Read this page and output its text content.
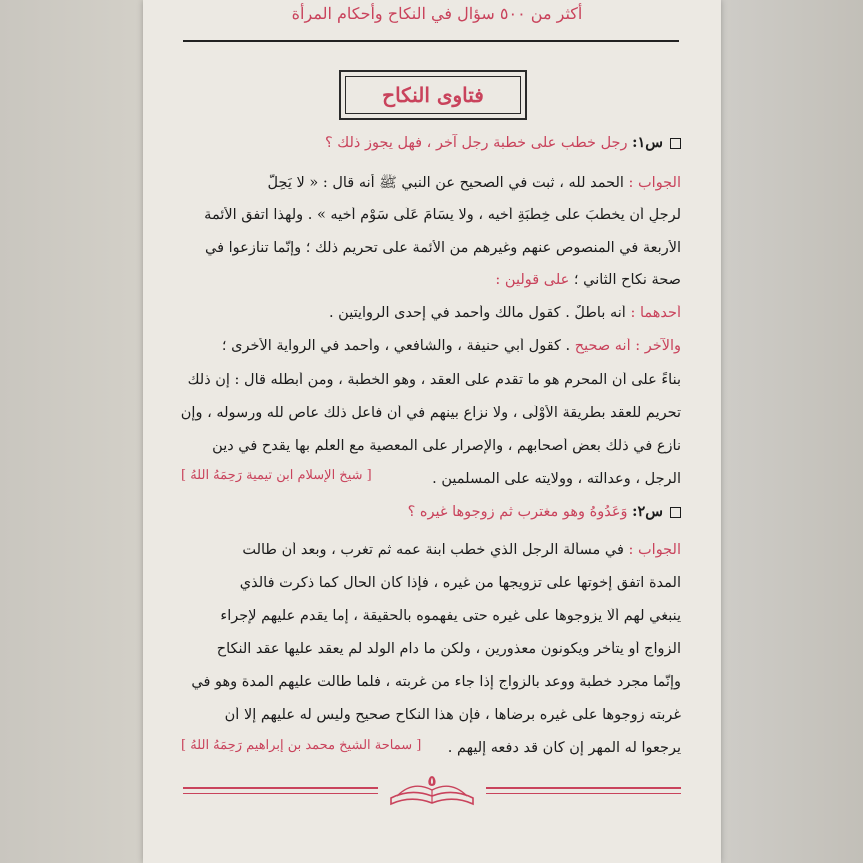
أكثر من ٥٠٠ سؤال في النكاح وأحكام المرأة
فتاوى النكاح
س١: رجل خطب على خطبة رجل آخر ، فهل يجوز ذلك ؟
الجواب : الحمد لله ، ثبت في الصحيح عن النبي ﷺ أنه قال : « لا يَحِلُّ
لرجلٍ أن يخطبَ على خِطْبَةِ أخيه ، ولا يسَامَ عَلَى سَوْمِ أخيه » . ولهذا اتفق الأئمة
الأربعة في المنصوص عنهم وغيرهم من الأئمة على تحريم ذلك ؛ وإنَّما تنازعوا في
صحة نكاح الثاني ؛ على قولين :
أحدهما : أنه باطلٌ . كقول مالك وأحمد في إحدى الروايتين .
والآخر : أنه صحيح . كقول أبي حنيفة ، والشافعي ، وأحمد في الرواية الأخرى ؛
بناءً على أن المحرم هو ما تقدم على العقد ، وهو الخطبة ، ومن أبطله قال : إن ذلك
تحريم للعقد بطريقة الأَوْلَى ، ولا نزاع بينهم في أن فاعل ذلك عاص لله ورسوله ، وإن
نازع في ذلك بعض أصحابهم ، والإصرار على المعصية مع العلم بها يقدح في دين
الرجل ، وعدالته ، وولايته على المسلمين .
[ شيخ الإسلام ابن تيمية رَحِمَهُ اللهُ ]
س٢: وَعَدُوهُ وهو مغترب ثم زوجوها غيره ؟
الجواب : في مسألة الرجل الذي خطب ابنة عمه ثم تغرب ، وبعد أن طالت
المدة اتفق إخوتها على تزويجها من غيره ، فإذا كان الحال كما ذكرت فالذي
ينبغي لهم ألَّا يزوجوها على غيره حتى يفهموه بالحقيقة ، إما يقدم عليهم لإجراء
الزواج أو يتأخر ويكونون معذورين ، ولكن ما دام الولد لم يعقد عليها عقد النكاح
وإنَّما مجرد خطبة ووعد بالزواج إذا جاء من غربته ، فلما طالت عليهم المدة وهو في
غربته زوجوها على غيره برضاها ، فإن هذا النكاح صحيح وليس له عليهم إلا أن
يرجعوا له المهر إن كان قد دفعه إليهم .
[ سماحة الشيخ محمد بن إبراهيم رَحِمَهُ اللهُ ]
٥
